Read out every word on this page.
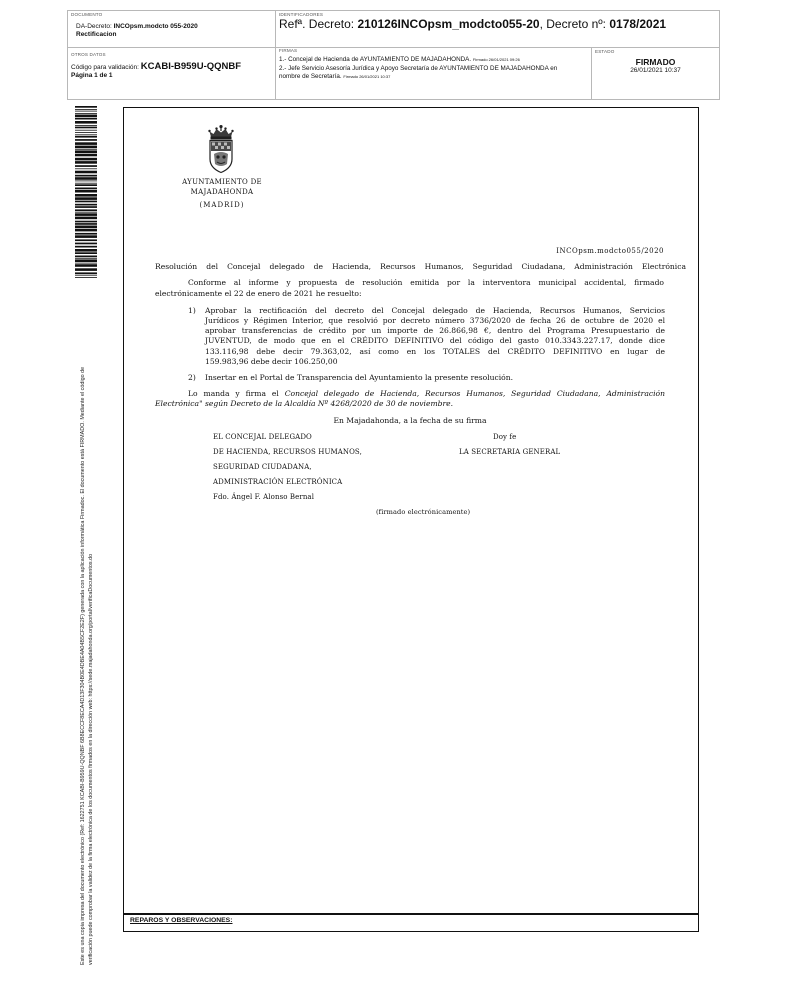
DOCUMENTO
DA-Decreto: INCOpsm.modcto 055-2020
Rectificacion
IDENTIFICADORES
Refª. Decreto: 210126INCOpsm_modcto055-20, Decreto nº: 0178/2021
OTROS DATOS
Código para validación: KCABI-B959U-QQNBF
Página 1 de 1
FIRMAS
1.- Concejal de Hacienda de AYUNTAMIENTO DE MAJADAHONDA. Firmado 26/01/2021 09:26
2.- Jefe Servicio Asesoría Jurídica y Apoyo Secretaría de AYUNTAMIENTO DE MAJADAHONDA en
nombre de Secretaría. Firmado 26/01/2021 10:37
ESTADO
FIRMADO
26/01/2021 10:37
Este es una copia impresa del documento electrónico (Ref: 1622751 KCABI-B959U-QQNBF 6B8ECCF8ECA4D13F304B0E4DBE4A04B5CF2E2F) generada con la aplicación informática Firmadoc. El documento está FIRMADO. Mediante el código de verificación puede comprobar la validez de la firma electrónica de los documentos firmados en la dirección web: https://sede.majadahonda.org/portal/verificaDocumentos.do
AYUNTAMIENTO DE
MAJADAHONDA
(MADRID)
INCOpsm.modcto055/2020
Resolución del Concejal delegado de Hacienda, Recursos Humanos, Seguridad Ciudadana, Administración Electrónica
Conforme al informe y propuesta de resolución emitida por la interventora municipal accidental, firmado
electrónicamente el 22 de enero de 2021 he resuelto:
1) Aprobar la rectificación del decreto del Concejal delegado de Hacienda, Recursos Humanos, Servicios
Jurídicos y Régimen Interior, que resolvió por decreto número 3736/2020 de fecha 26 de octubre de 2020 el
aprobar transferencias de crédito por un importe de 26.866,98 €, dentro del Programa Presupuestario de
JUVENTUD, de modo que en el CRÉDITO DEFINITIVO del código del gasto 010.3343.227.17, donde dice
133.116,98 debe decir 79.363,02, así como en los TOTALES del CRÉDITO DEFINITIVO en lugar de
159.983,96 debe decir 106.250,00
2) Insertar en el Portal de Transparencia del Ayuntamiento la presente resolución.
Lo manda y firma el Concejal delegado de Hacienda, Recursos Humanos, Seguridad Ciudadana, Administración
Electrónica" según Decreto de la Alcaldía Nº 4268/2020 de 30 de noviembre.
En Majadahonda, a la fecha de su firma
EL CONCEJAL DELEGADO	Doy fe
DE HACIENDA, RECURSOS HUMANOS,	LA SECRETARIA GENERAL
SEGURIDAD CIUDADANA,
ADMINISTRACIÓN ELECTRÓNICA
Fdo. Ángel F. Alonso Bernal
(firmado electrónicamente)
REPAROS Y OBSERVACIONES:
